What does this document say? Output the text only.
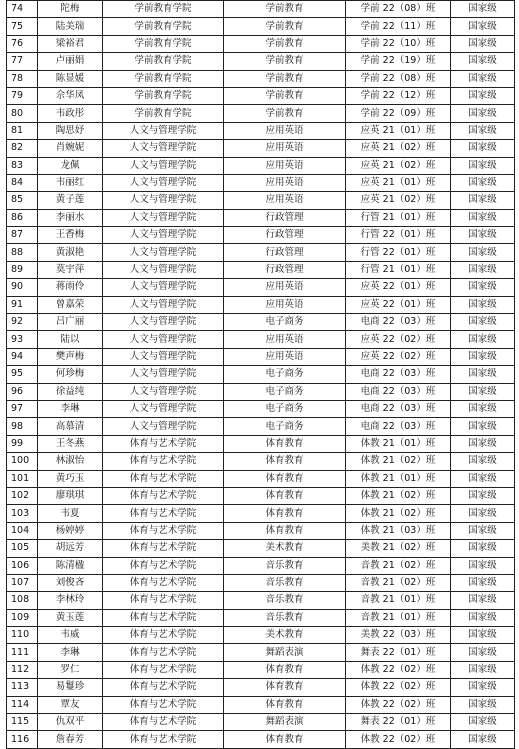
74	陀梅	学前教育学院	学前教育	学前 22（08）班	国家级
75	陆美瑞	学前教育学院	学前教育	学前 22（11）班	国家级
76	梁裕君	学前教育学院	学前教育	学前 22（10）班	国家级
77	卢丽娟	学前教育学院	学前教育	学前 22（19）班	国家级
78	陈显媛	学前教育学院	学前教育	学前 22（08）班	国家级
79	佘华凤	学前教育学院	学前教育	学前 22（12）班	国家级
80	韦政彤	学前教育学院	学前教育	学前 22（09）班	国家级
81	陶思妤	人文与管理学院	应用英语	应英 21（01）班	国家级
82	肖婉妮	人文与管理学院	应用英语	应英 21（02）班	国家级
83	龙佩	人文与管理学院	应用英语	应英 21（02）班	国家级
84	韦丽红	人文与管理学院	应用英语	应英 21（01）班	国家级
85	黄子莲	人文与管理学院	应用英语	应英 21（02）班	国家级
86	李丽水	人文与管理学院	行政管理	行管 21（01）班	国家级
87	王香梅	人文与管理学院	行政管理	行管 22（01）班	国家级
88	黄淑艳	人文与管理学院	行政管理	行管 22（01）班	国家级
89	莫宇萍	人文与管理学院	行政管理	行管 21（01）班	国家级
90	蒋雨伶	人文与管理学院	应用英语	应英 22（01）班	国家级
91	曾嘉荣	人文与管理学院	应用英语	应英 22（01）班	国家级
92	吕广丽	人文与管理学院	电子商务	电商 22（03）班	国家级
93	陆以	人文与管理学院	应用英语	应英 22（02）班	国家级
94	樊声梅	人文与管理学院	应用英语	应英 22（02）班	国家级
95	何珍梅	人文与管理学院	电子商务	电商 22（03）班	国家级
96	徐益纯	人文与管理学院	电子商务	电商 22（03）班	国家级
97	李琳	人文与管理学院	电子商务	电商 22（03）班	国家级
98	高慕清	人文与管理学院	电子商务	电商 22（03）班	国家级
99	王冬燕	体育与艺术学院	体育教育	体教 21（01）班	国家级
100	林淑怡	体育与艺术学院	体育教育	体教 21（02）班	国家级
101	黄巧玉	体育与艺术学院	体育教育	体教 21（01）班	国家级
102	廖琪琪	体育与艺术学院	体育教育	体教 21（02）班	国家级
103	韦夏	体育与艺术学院	体育教育	体教 21（02）班	国家级
104	杨婷婷	体育与艺术学院	体育教育	体教 21（03）班	国家级
105	胡远芳	体育与艺术学院	美术教育	美教 21（02）班	国家级
106	陈清楹	体育与艺术学院	音乐教育	音教 21（02）班	国家级
107	刘俊吝	体育与艺术学院	音乐教育	音教 21（02）班	国家级
108	李林玲	体育与艺术学院	音乐教育	音教 21（01）班	国家级
109	黄玉莲	体育与艺术学院	音乐教育	音教 21（01）班	国家级
110	韦威	体育与艺术学院	美术教育	美教 22（03）班	国家级
111	李琳	体育与艺术学院	舞蹈表演	舞表 22（01）班	国家级
112	罗仁	体育与艺术学院	体育教育	体教 22（02）班	国家级
113	易鬘珍	体育与艺术学院	体育教育	体教 22（02）班	国家级
114	覃友	体育与艺术学院	体育教育	体教 22（02）班	国家级
115	仇双平	体育与艺术学院	舞蹈表演	舞表 22（01）班	国家级
116	詹春芳	体育与艺术学院	体育教育	体教 22（02）班	国家级
